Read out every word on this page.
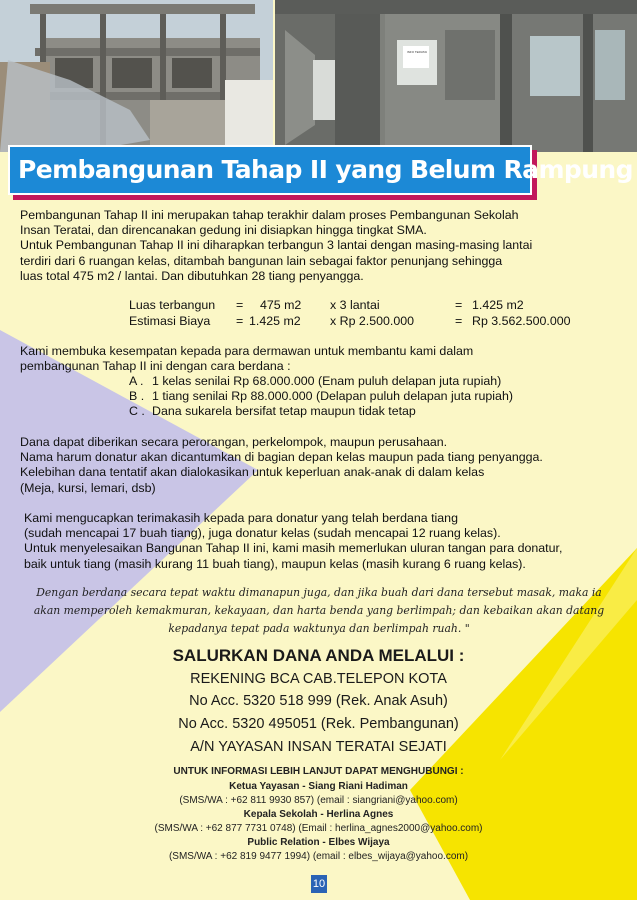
INFO TERATAI
Pembangunan Tahap II yang Belum Rampung

Pembangunan Tahap II ini merupakan tahap terakhir dalam proses Pembangunan Sekolah

Insan Teratai, dan direncanakan gedung ini disiapkan hingga tingkat SMA.

Untuk Pembangunan Tahap II ini diharapkan terbangun 3 lantai dengan masing-masing lantai

terdiri dari 6 ruangan kelas, ditambah bangunan lain sebagai faktor penunjang sehingga

luas total 475 m2 / lantai. Dan dibutuhkan 28 tiang penyangga.

Luas terbangun = 475 m2 x 3 lantai	= 1.425 m2
Estimasi Biaya = 1.425 m2 x Rp 2.500.000	= Rp 3.562.500.000

Kami membuka kesempatan kepada para dermawan untuk membantu kami dalam

pembangunan Tahap II ini dengan cara berdana :

A . 1 kelas senilai Rp 68.000.000 (Enam puluh delapan juta rupiah)
B . 1 tiang senilai Rp 88.000.000 (Delapan puluh delapan juta rupiah)
C . Dana sukarela bersifat tetap maupun tidak tetap

Dana dapat diberikan secara perorangan, perkelompok, maupun perusahaan.

Nama harum donatur akan dicantumkan di bagian depan kelas maupun pada tiang penyangga.

Kelebihan dana tentatif akan dialokasikan untuk keperluan anak-anak di dalam kelas

(Meja, kursi, lemari, dsb)

Kami mengucapkan terimakasih kepada para donatur yang telah berdana tiang

(sudah mencapai 17 buah tiang), juga donatur kelas (sudah mencapai 12 ruang kelas).

Untuk menyelesaikan Bangunan Tahap II ini, kami masih memerlukan uluran tangan para donatur,

baik untuk tiang (masih kurang 11 buah tiang), maupun kelas (masih kurang 6 ruang kelas).

Dengan berdana secara tepat waktu dimanapun juga, dan jika buah dari dana tersebut masak, maka ia

akan memperoleh kemakmuran, kekayaan, dan harta benda yang berlimpah; dan kebaikan akan datang

kepadanya tepat pada waktunya dan berlimpah ruah. "

SALURKAN DANA ANDA MELALUI :
REKENING BCA CAB.TELEPON KOTA
No Acc. 5320 518 999 (Rek. Anak Asuh)
No Acc. 5320 495051 (Rek. Pembangunan)
A/N YAYASAN INSAN TERATAI SEJATI
UNTUK INFORMASI LEBIH LANJUT DAPAT MENGHUBUNGI :
Ketua Yayasan - Siang Riani Hadiman
(SMS/WA : +62 811 9930 857) (email : siangriani@yahoo.com)
Kepala Sekolah - Herlina Agnes
(SMS/WA : +62 877 7731 0748) (Email : herlina_agnes2000@yahoo.com)
Public Relation - Elbes Wijaya
(SMS/WA : +62 819 9477 1994) (email : elbes_wijaya@yahoo.com)
10
